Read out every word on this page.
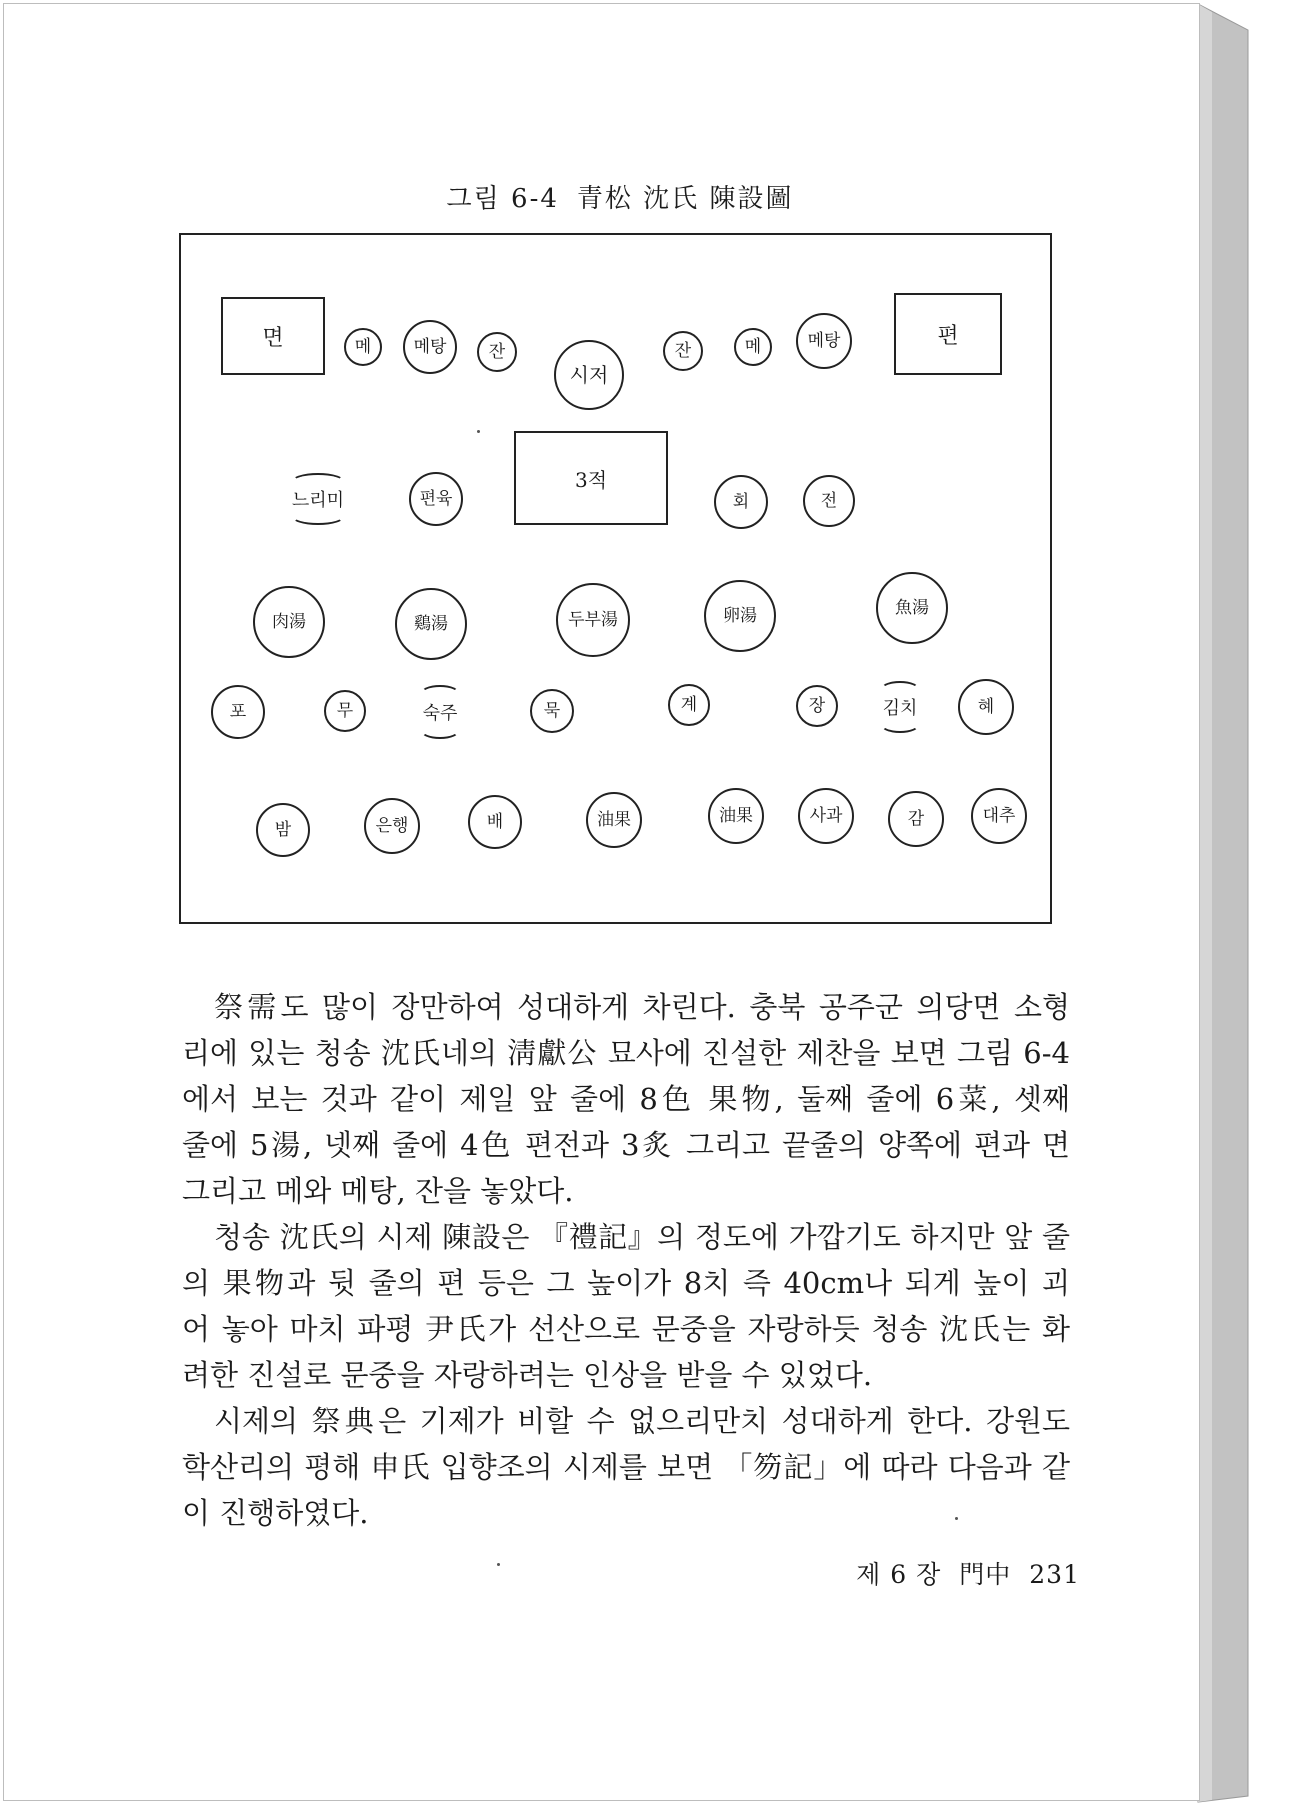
그림 6-4 青松 沈氏 陳設圖
면	메	메탕	잔
시저
잔	메	메탕	편
느리미	편육
3적
회	전
肉湯	鷄湯	두부湯	卵湯	魚湯
포	무	숙주	묵	계	장	김치	혜
밤	은행	배	油果	油果	사과	감	대추
祭需도 많이 장만하여 성대하게 차린다. 충북 공주군 의당면 소형
리에 있는 청송 沈氏네의 淸獻公 묘사에 진설한 제찬을 보면 그림 6-4
에서 보는 것과 같이 제일 앞 줄에 8色 果物, 둘째 줄에 6菜, 셋째
줄에 5湯, 넷째 줄에 4色 편전과 3炙 그리고 끝줄의 양쪽에 편과 면
그리고 메와 메탕, 잔을 놓았다.
청송 沈氏의 시제 陳設은 『禮記』의 정도에 가깝기도 하지만 앞 줄
의 果物과 뒷 줄의 편 등은 그 높이가 8치 즉 40cm나 되게 높이 괴
어 놓아 마치 파평 尹氏가 선산으로 문중을 자랑하듯 청송 沈氏는 화
려한 진설로 문중을 자랑하려는 인상을 받을 수 있었다.
시제의 祭典은 기제가 비할 수 없으리만치 성대하게 한다. 강원도
학산리의 평해 申氏 입향조의 시제를 보면 「笏記」에 따라 다음과 같
이 진행하였다.
제 6 장 門中 231
